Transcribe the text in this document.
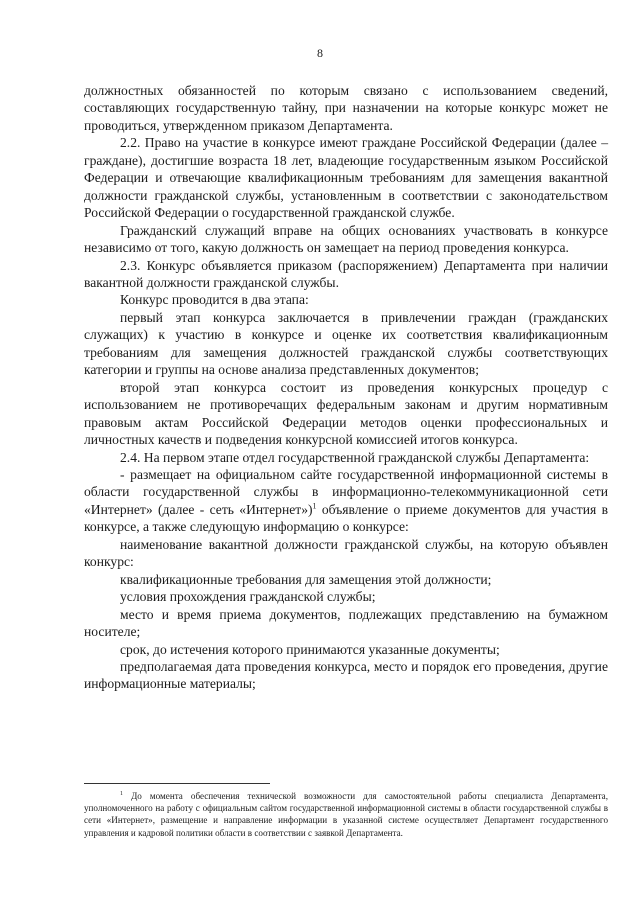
8

должностных обязанностей по которым связано с использованием сведений, составляющих государственную тайну, при назначении на которые конкурс может не проводиться, утвержденном приказом Департамента.

2.2. Право на участие в конкурсе имеют граждане Российской Федерации (далее – граждане), достигшие возраста 18 лет, владеющие государственным языком Российской Федерации и отвечающие квалификационным требованиям для замещения вакантной должности гражданской службы, установленным в соответствии с законодательством Российской Федерации о государственной гражданской службе.

Гражданский служащий вправе на общих основаниях участвовать в конкурсе независимо от того, какую должность он замещает на период проведения конкурса.

2.3. Конкурс объявляется приказом (распоряжением) Департамента при наличии вакантной должности гражданской службы.

Конкурс проводится в два этапа:

первый этап конкурса заключается в привлечении граждан (гражданских служащих) к участию в конкурсе и оценке их соответствия квалификационным требованиям для замещения должностей гражданской службы соответствующих категории и группы на основе анализа представленных документов;

второй этап конкурса состоит из проведения конкурсных процедур с использованием не противоречащих федеральным законам и другим нормативным правовым актам Российской Федерации методов оценки профессиональных и личностных качеств и подведения конкурсной комиссией итогов конкурса.

2.4. На первом этапе отдел государственной гражданской службы Департамента:

- размещает на официальном сайте государственной информационной системы в области государственной службы в информационно-телекоммуникационной сети «Интернет» (далее - сеть «Интернет»)$^1$ объявление о приеме документов для участия в конкурсе, а также следующую информацию о конкурсе:

наименование вакантной должности гражданской службы, на которую объявлен конкурс:

квалификационные требования для замещения этой должности;

условия прохождения гражданской службы;

место и время приема документов, подлежащих представлению на бумажном носителе;

срок, до истечения которого принимаются указанные документы;

предполагаемая дата проведения конкурса, место и порядок его проведения, другие информационные материалы;

$^1$ До момента обеспечения технической возможности для самостоятельной работы специалиста Департамента, уполномоченного на работу с официальным сайтом государственной информационной системы в области государственной службы в сети «Интернет», размещение и направление информации в указанной системе осуществляет Департамент государственного управления и кадровой политики области в соответствии с заявкой Департамента.
